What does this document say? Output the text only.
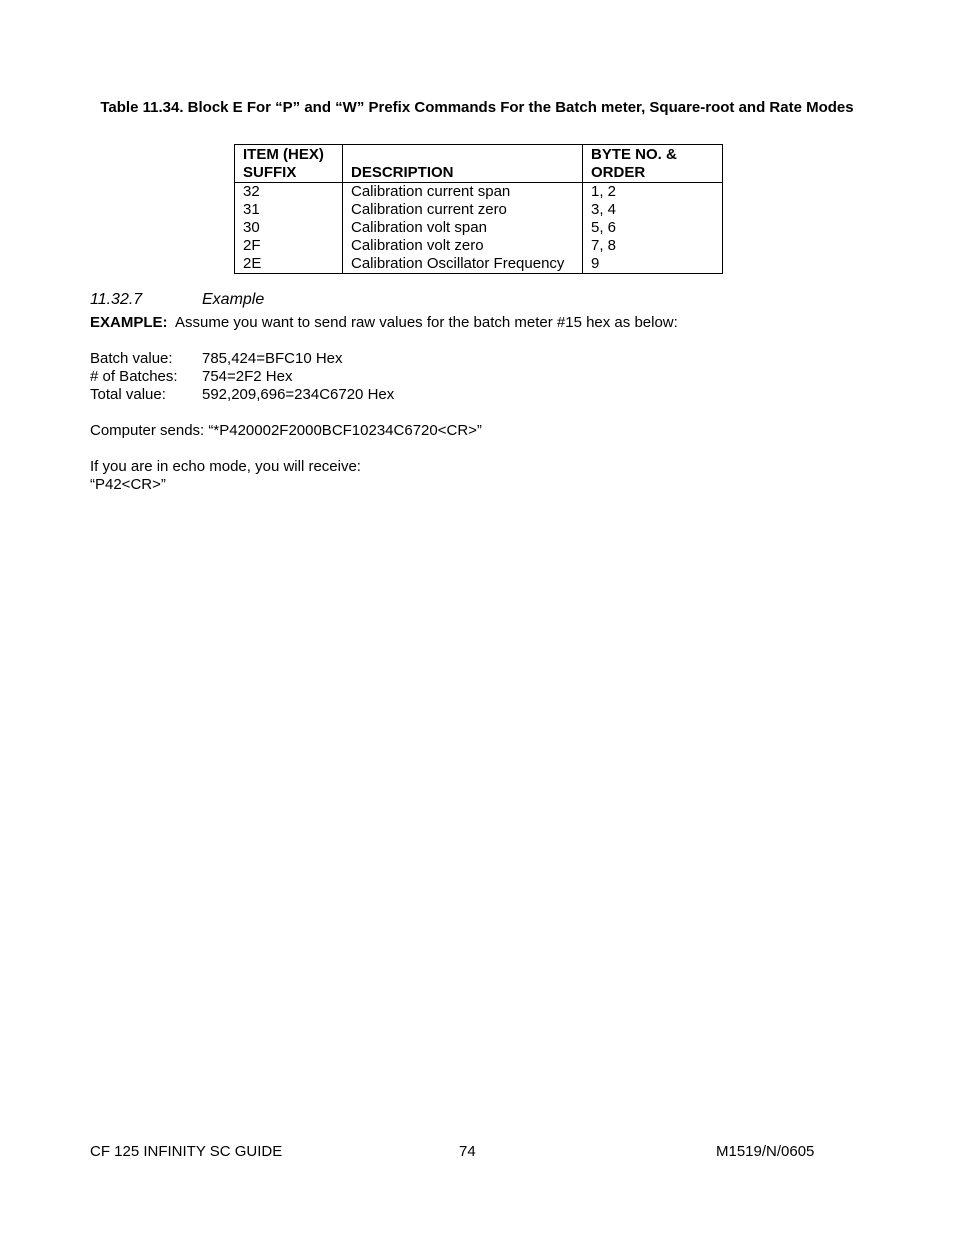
Table 11.34. Block E For “P” and “W” Prefix Commands For the Batch meter, Square-root and Rate Modes
ITEM (HEX)
SUFFIX	DESCRIPTION	BYTE NO. &
ORDER
32	Calibration current span	1, 2
31	Calibration current zero	3, 4
30	Calibration volt span	5, 6
2F	Calibration volt zero	7, 8
2E	Calibration Oscillator Frequency	9
11.32.7	Example
EXAMPLE: Assume you want to send raw values for the batch meter #15 hex as below:
Batch value: 785,424=BFC10 Hex
# of Batches: 754=2F2 Hex
Total value: 592,209,696=234C6720 Hex
Computer sends: “*P420002F2000BCF10234C6720<CR>”
If you are in echo mode, you will receive:
“P42<CR>”
CF 125 INFINITY SC GUIDE	74	M1519/N/0605
